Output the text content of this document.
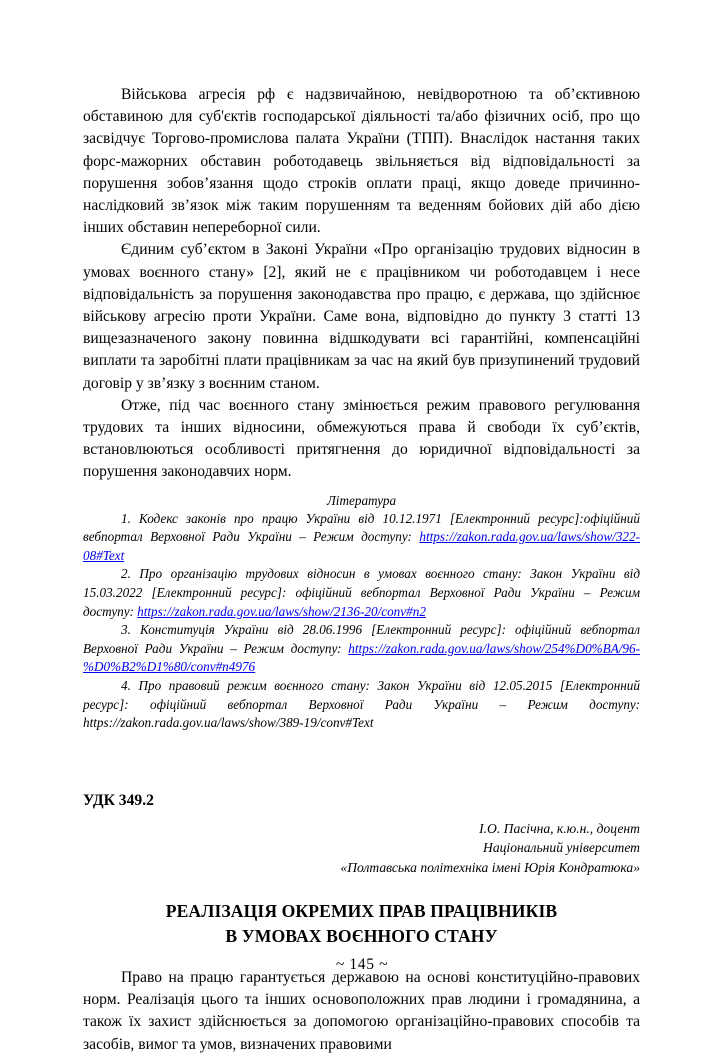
Військова агресія рф є надзвичайною, невідворотною та об’єктивною обставиною для суб'єктів господарської діяльності та/або фізичних осіб, про що засвідчує Торгово-промислова палата України (ТПП). Внаслідок настання таких форс-мажорних обставин роботодавець звільняється від відповідальності за порушення зобов’язання щодо строків оплати праці, якщо доведе причинно-наслідковий зв’язок між таким порушенням та веденням бойових дій або дією інших обставин непереборної сили.

Єдиним суб’єктом в Законі України «Про організацію трудових відносин в умовах воєнного стану» [2], який не є працівником чи роботодавцем і несе відповідальність за порушення законодавства про працю, є держава, що здійснює військову агресію проти України. Саме вона, відповідно до пункту 3 статті 13 вищезазначеного закону повинна відшкодувати всі гарантійні, компенсаційні виплати та заробітні плати працівникам за час на який був призупинений трудовий договір у зв’язку з воєнним станом.

Отже, під час воєнного стану змінюється режим правового регулювання трудових та інших відносини, обмежуються права й свободи їх суб’єктів, встановлюються особливості притягнення до юридичної відповідальності за порушення законодавчих норм.

Література

1. Кодекс законів про працю України від 10.12.1971 [Електронний ресурс]:офіційний вебпортал Верховної Ради України – Режим доступу: https://zakon.rada.gov.ua/laws/show/322-08#Text

2. Про організацію трудових відносин в умовах воєнного стану: Закон України від 15.03.2022 [Електронний ресурс]: офіційний вебпортал Верховної Ради України – Режим доступу: https://zakon.rada.gov.ua/laws/show/2136-20/conv#n2

3. Конституція України від 28.06.1996 [Електронний ресурс]: офіційний вебпортал Верховної Ради України – Режим доступу: https://zakon.rada.gov.ua/laws/show/254%D0%BA/96-%D0%B2%D1%80/conv#n4976

4. Про правовий режим воєнного стану: Закон України від 12.05.2015 [Електронний ресурс]: офіційний вебпортал Верховної Ради України – Режим доступу: https://zakon.rada.gov.ua/laws/show/389-19/conv#Text

УДК 349.2

І.О. Пасічна, к.ю.н., доцент
Національний університет
«Полтавська політехніка імені Юрія Кондратюка»
РЕАЛІЗАЦІЯ ОКРЕМИХ ПРАВ ПРАЦІВНИКІВ
В УМОВАХ ВОЄННОГО СТАНУ

Право на працю гарантується державою на основі конституційно-правових норм. Реалізація цього та інших основоположних прав людини і громадянина, а також їх захист здійснюється за допомогою організаційно-правових способів та засобів, вимог та умов, визначених правовими

~ 145 ~
